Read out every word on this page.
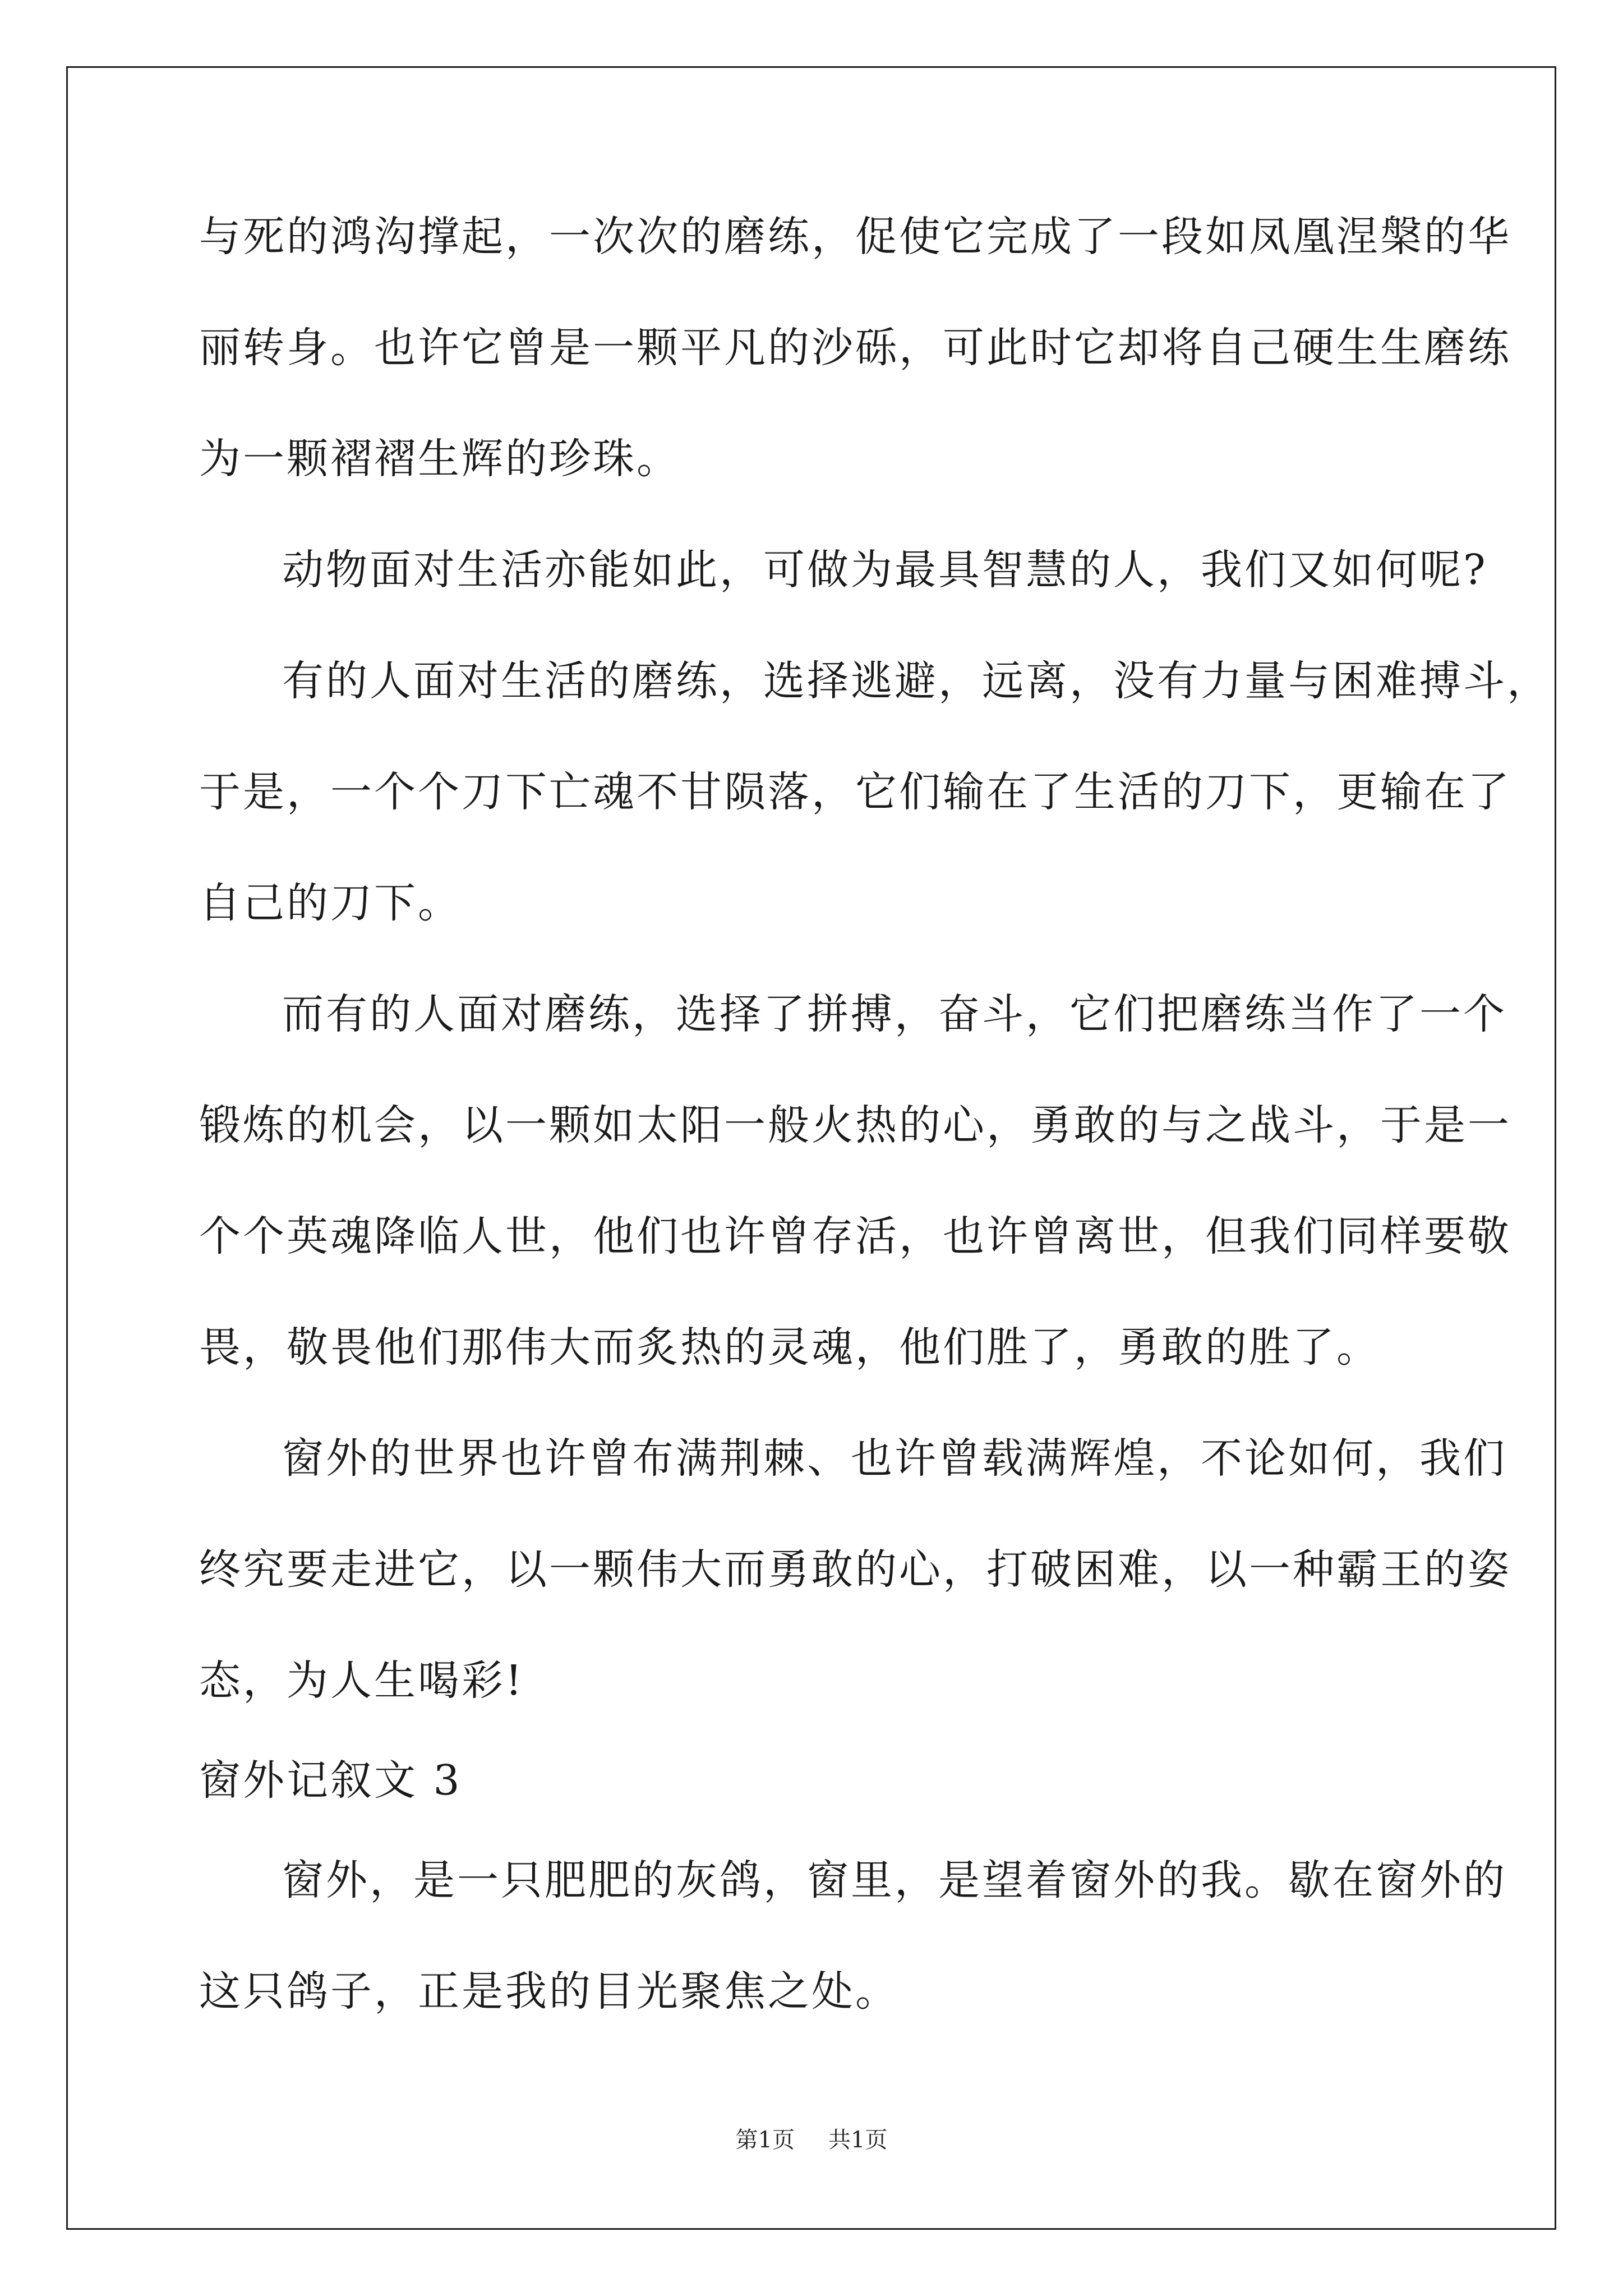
与死的鸿沟撑起，一次次的磨练，促使它完成了一段如凤凰涅槃的华
丽转身。也许它曾是一颗平凡的沙砾，可此时它却将自己硬生生磨练
为一颗褶褶生辉的珍珠。
动物面对生活亦能如此，可做为最具智慧的人，我们又如何呢?
有的人面对生活的磨练，选择逃避，远离，没有力量与困难搏斗，
于是，一个个刀下亡魂不甘陨落，它们输在了生活的刀下，更输在了
自己的刀下。
而有的人面对磨练，选择了拼搏，奋斗，它们把磨练当作了一个
锻炼的机会，以一颗如太阳一般火热的心，勇敢的与之战斗，于是一
个个英魂降临人世，他们也许曾存活，也许曾离世，但我们同样要敬
畏，敬畏他们那伟大而炙热的灵魂，他们胜了，勇敢的胜了。
窗外的世界也许曾布满荆棘、也许曾载满辉煌，不论如何，我们
终究要走进它，以一颗伟大而勇敢的心，打破困难，以一种霸王的姿
态，为人生喝彩!
窗外记叙文 3
窗外，是一只肥肥的灰鸽，窗里，是望着窗外的我。歇在窗外的
这只鸽子，正是我的目光聚焦之处。
第1页 共1页
